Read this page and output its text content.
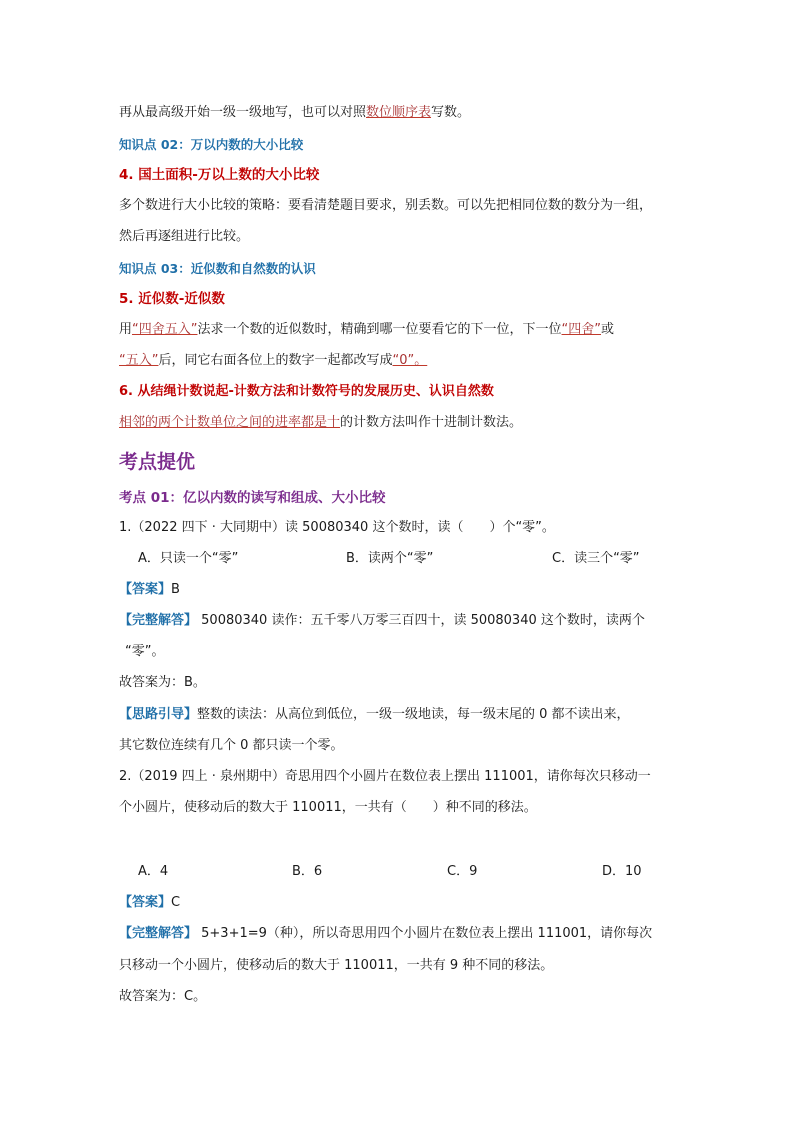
再从最高级开始一级一级地写，也可以对照数位顺序表写数。
知识点 02：万以内数的大小比较
4. 国土面积-万以上数的大小比较
多个数进行大小比较的策略：要看清楚题目要求，别丢数。可以先把相同位数的数分为一组，
然后再逐组进行比较。
知识点 03：近似数和自然数的认识
5. 近似数-近似数
用“四舍五入”法求一个数的近似数时，精确到哪一位要看它的下一位，下一位“四舍”或
“五入”后，同它右面各位上的数字一起都改写成“0”。
6. 从结绳计数说起-计数方法和计数符号的发展历史、认识自然数
相邻的两个计数单位之间的进率都是十的计数方法叫作十进制计数法。
考点提优
考点 01：亿以内数的读写和组成、大小比较
1.（2022 四下 · 大同期中）读 50080340 这个数时，读（　　）个“零”。
A．只读一个“零”	B．读两个“零”	C．读三个“零”
【答案】B
【完整解答】 50080340 读作：五千零八万零三百四十，读 50080340 这个数时，读两个
“零”。
故答案为：B。
【思路引导】整数的读法：从高位到低位，一级一级地读，每一级末尾的 0 都不读出来，
其它数位连续有几个 0 都只读一个零。
2.（2019 四上 · 泉州期中）奇思用四个小圆片在数位表上摆出 111001，请你每次只移动一
个小圆片，使移动后的数大于 110011，一共有（　　）种不同的移法。
A．4	B．6	C．9	D．10
【答案】C
【完整解答】 5+3+1=9（种），所以奇思用四个小圆片在数位表上摆出 111001，请你每次
只移动一个小圆片，使移动后的数大于 110011，一共有 9 种不同的移法。
故答案为：C。
